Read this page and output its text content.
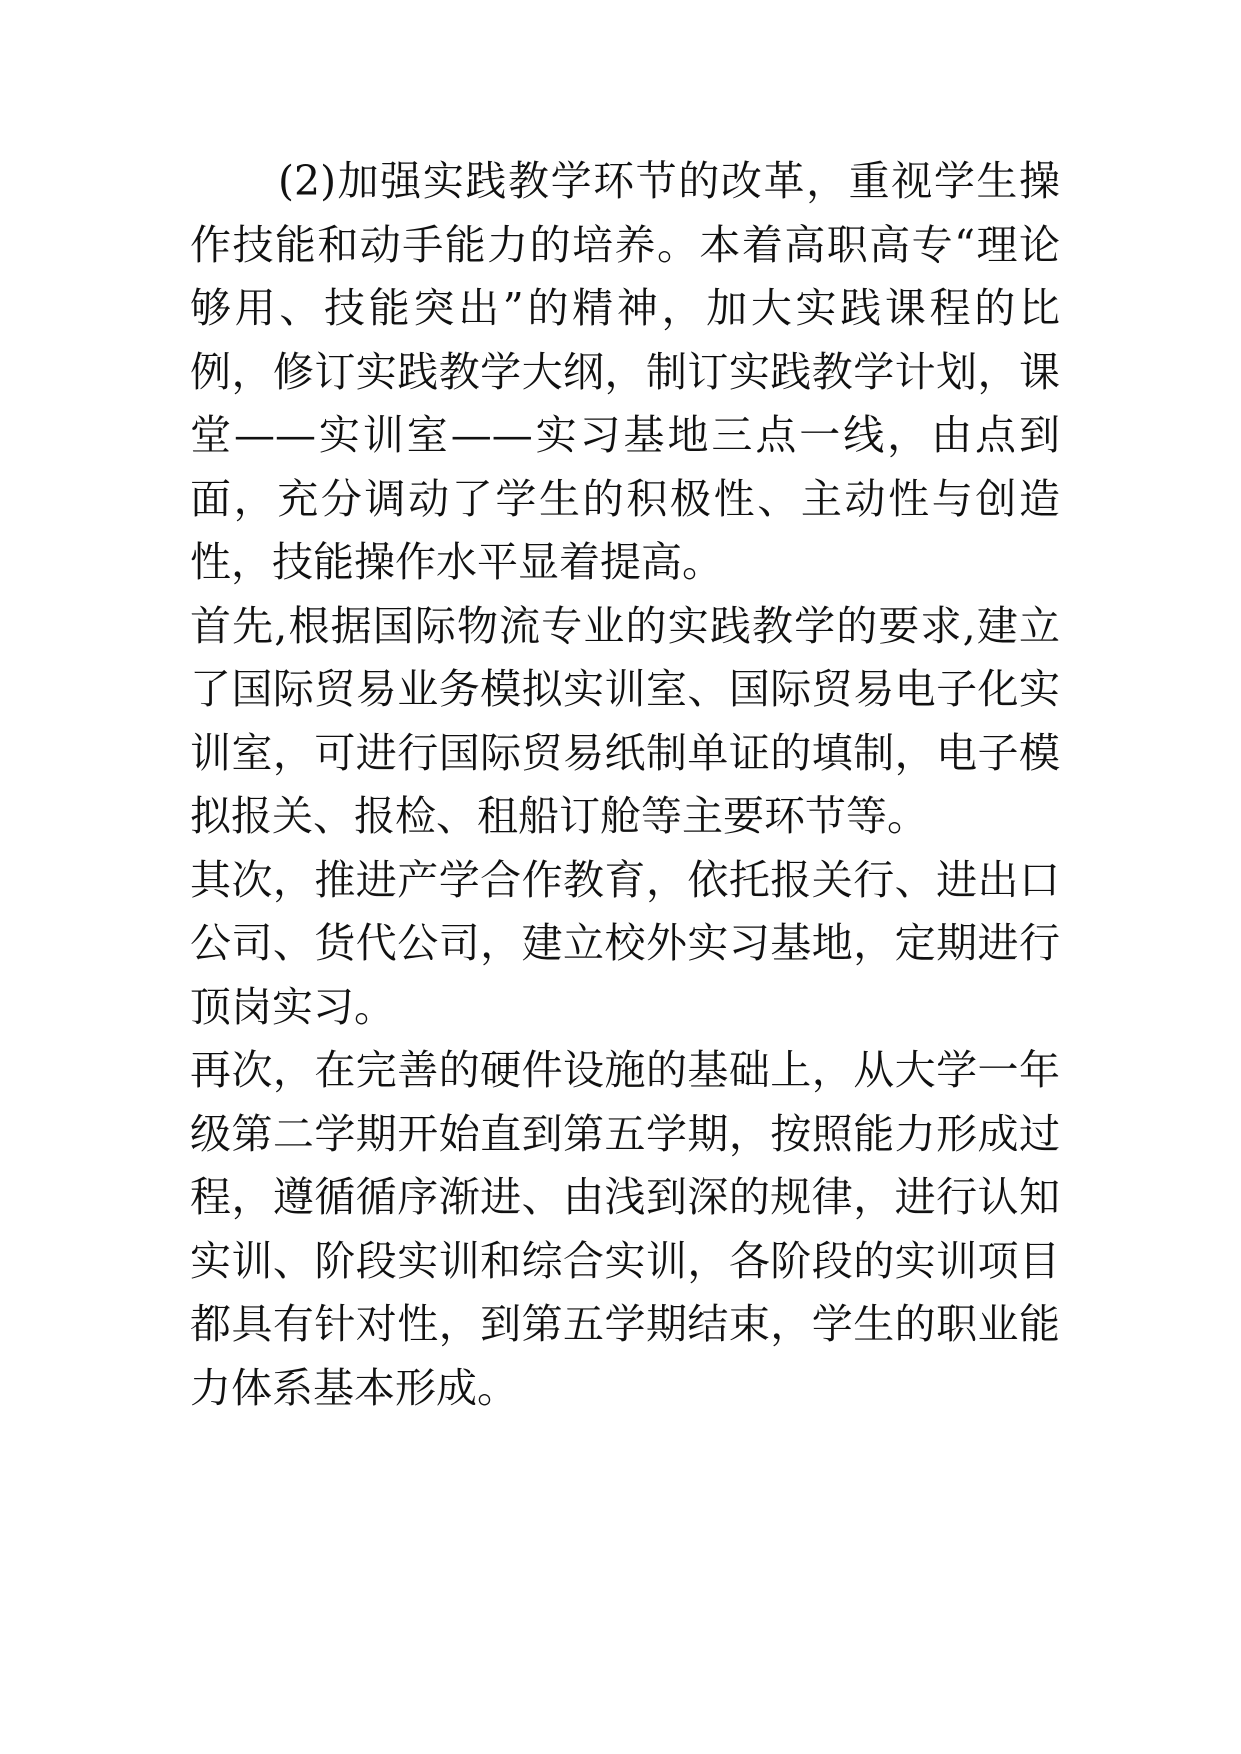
(2)加强实践教学环节的改革，重视学生操作技能和动手能力的培养。本着高职高专“理论够用、技能突出”的精神，加大实践课程的比例，修订实践教学大纲，制订实践教学计划，课堂——实训室——实习基地三点一线，由点到面，充分调动了学生的积极性、主动性与创造性，技能操作水平显着提高。

首先,根据国际物流专业的实践教学的要求,建立了国际贸易业务模拟实训室、国际贸易电子化实训室，可进行国际贸易纸制单证的填制，电子模拟报关、报检、租船订舱等主要环节等。

其次，推进产学合作教育，依托报关行、进出口公司、货代公司，建立校外实习基地，定期进行顶岗实习。

再次，在完善的硬件设施的基础上，从大学一年级第二学期开始直到第五学期，按照能力形成过程，遵循循序渐进、由浅到深的规律，进行认知实训、阶段实训和综合实训，各阶段的实训项目都具有针对性，到第五学期结束，学生的职业能力体系基本形成。
